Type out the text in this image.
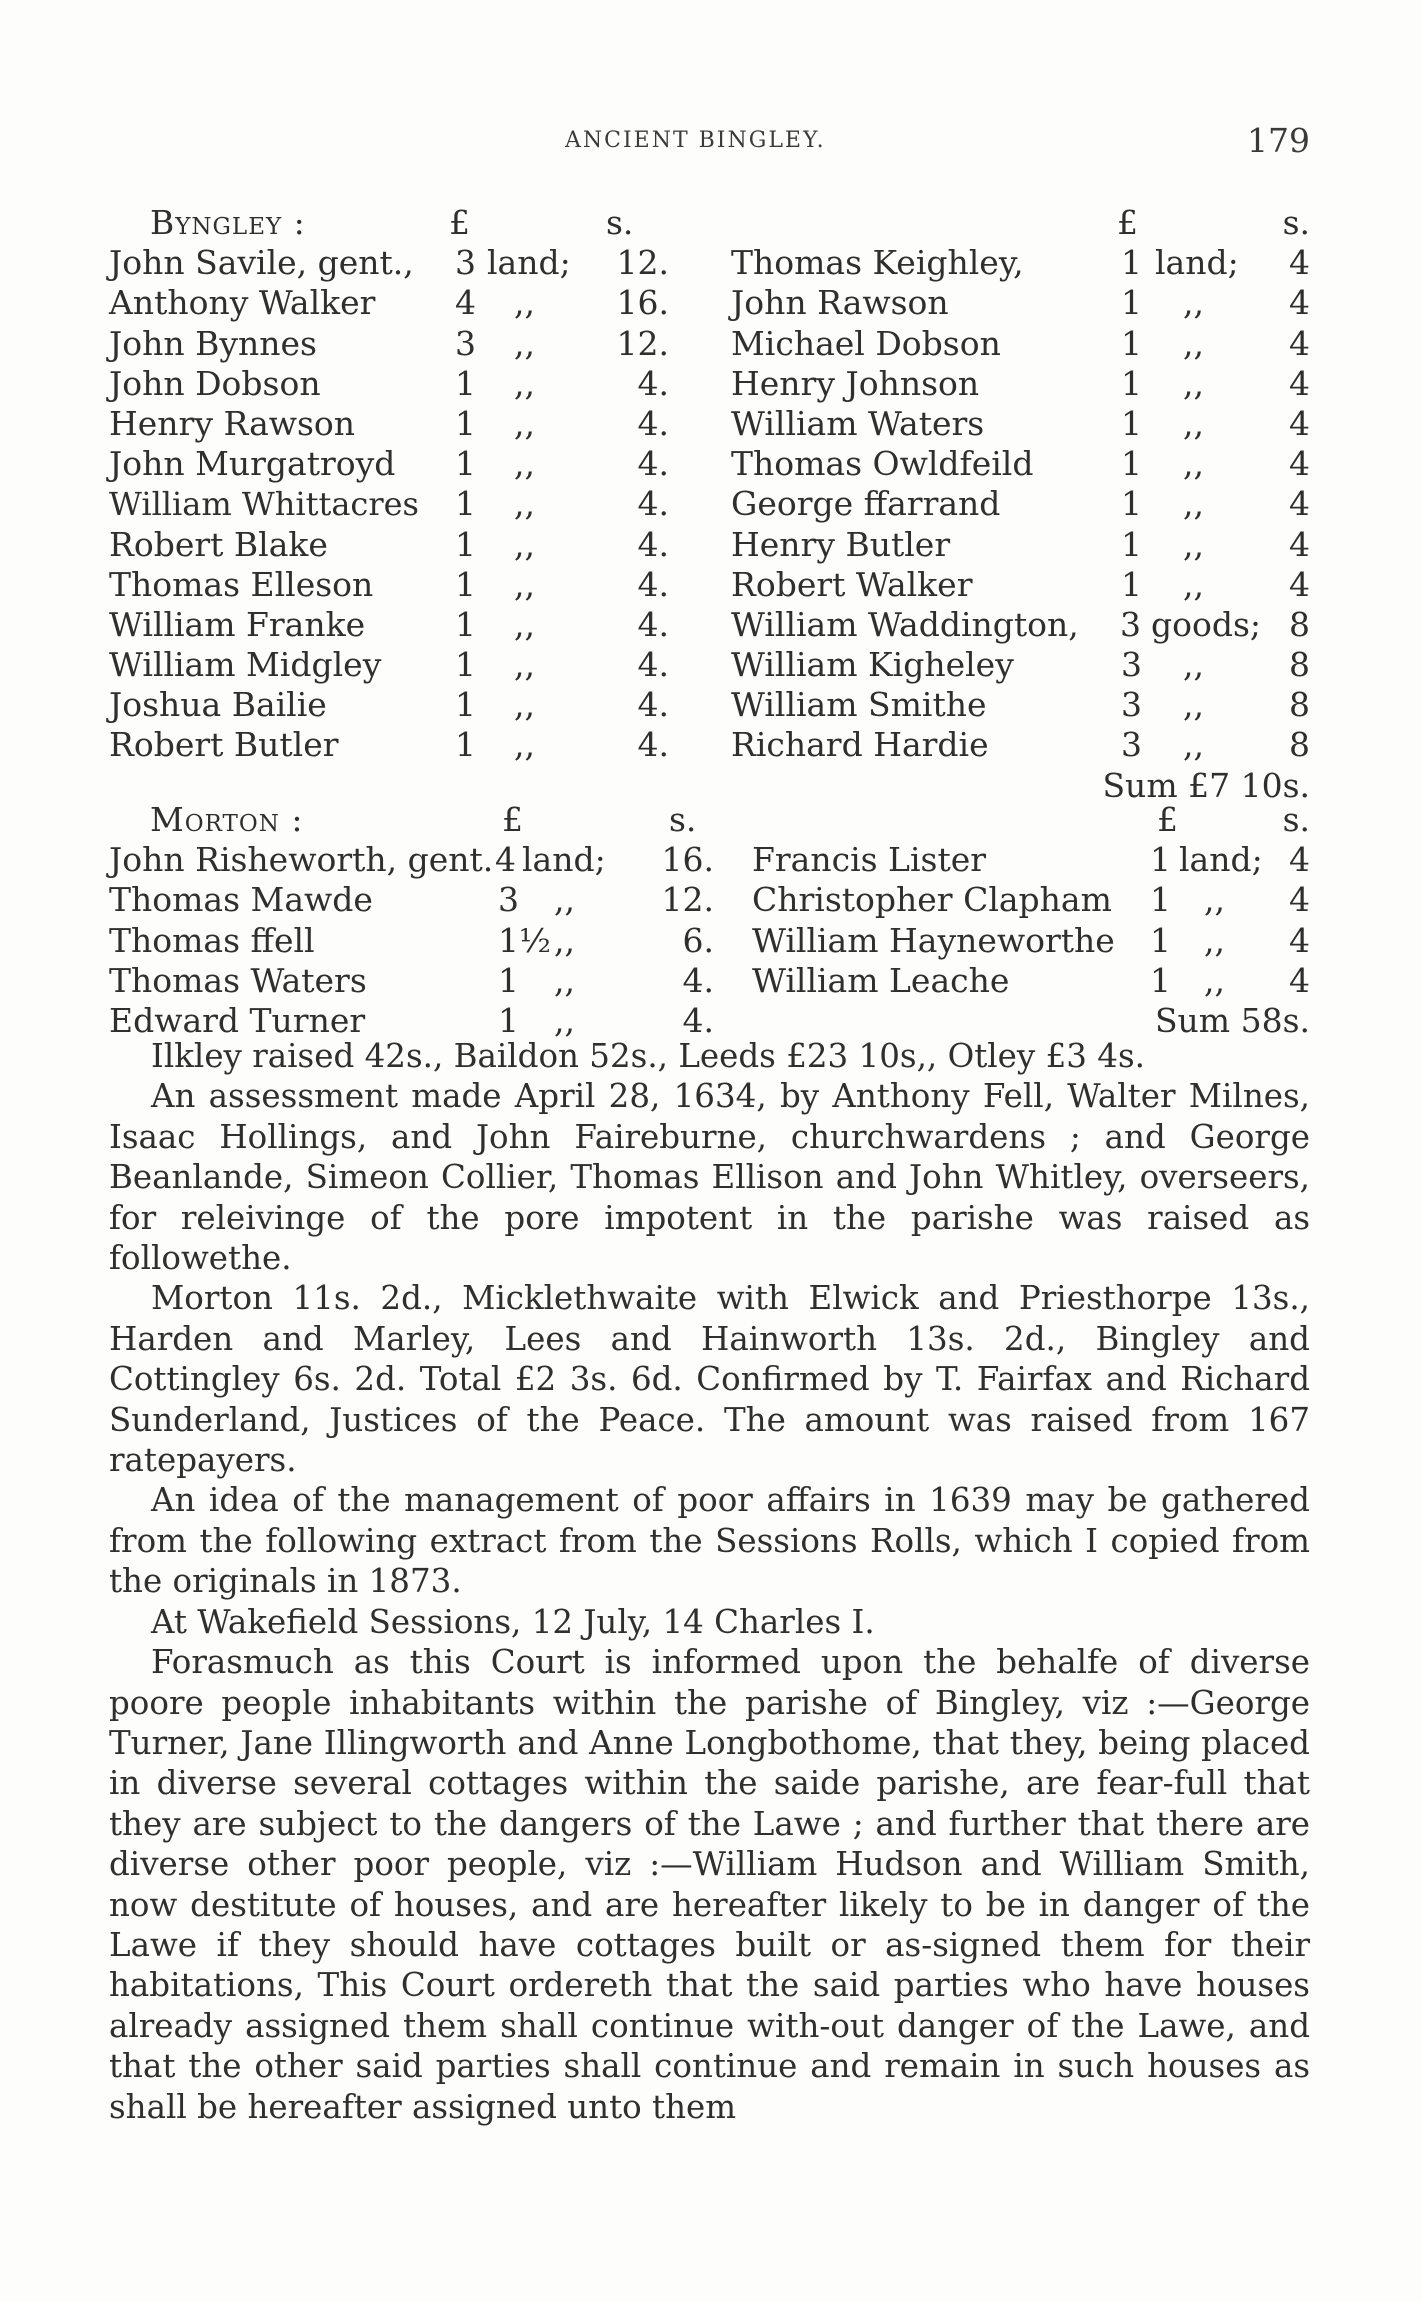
ANCIENT BINGLEY.	179
Byngley :	£	s.
John Savile, gent., 3 land; 12.
Anthony Walker 4 ,, 16.
John Bynnes	3 ,, 12.
John Dobson	1 ,,	4.
Henry Rawson	1 ,,	4.
John Murgatroyd 1 ,,	4.
William Whittacres 1 ,,	4.
Robert Blake	1 ,,	4.
Thomas Elleson 1 ,,	4.
William Franke	1 ,,	4.
William Midgley 1 ,,	4.
Joshua Bailie	1 ,,	4.
Robert Butler	1 ,,	4.
£	s.
Thomas Keighley,	1 land; 4
John Rawson	1 ,,	4
Michael Dobson	1 ,,	4
Henry Johnson	1 ,,	4
William Waters	1 ,,	4
Thomas Owldfeild	1 ,,	4
George ffarrand	1 ,,	4
Henry Butler	1 ,,	4
Robert Walker	1 ,,	4
William Waddington, 3 goods; 8
William Kigheley	3 ,,	8
William Smithe	3 ,,	8
Richard Hardie	3 ,,	8
Sum £7 10s.
Morton :	£	s.
John Risheworth, gent. 4 land; 16.
Thomas Mawde	3 ,,	12.
Thomas ffell	1½ ,,	6.
Thomas Waters	1 ,,	4.
Edward Turner	1 ,,	4.
£	s.
Francis Lister	1 land; 4
Christopher Clapham 1 ,, 4
William Hayneworthe 1 ,, 4
William Leache	1 ,, 4
Sum 58s.

Ilkley raised 42s., Baildon 52s., Leeds £23 10s,, Otley £3 4s.

An assessment made April 28, 1634, by Anthony Fell, Walter Milnes, Isaac Hollings, and John Faireburne, churchwardens ; and George Beanlande, Simeon Collier, Thomas Ellison and John Whitley, overseers, for releivinge of the pore impotent in the parishe was raised as followethe.

Morton 11s. 2d., Micklethwaite with Elwick and Priesthorpe 13s., Harden and Marley, Lees and Hainworth 13s. 2d., Bingley and Cottingley 6s. 2d. Total £2 3s. 6d. Confirmed by T. Fairfax and Richard Sunderland, Justices of the Peace. The amount was raised from 167 ratepayers.

An idea of the management of poor affairs in 1639 may be gathered from the following extract from the Sessions Rolls, which I copied from the originals in 1873.

At Wakefield Sessions, 12 July, 14 Charles I.

Forasmuch as this Court is informed upon the behalfe of diverse poore people inhabitants within the parishe of Bingley, viz :—George Turner, Jane Illingworth and Anne Longbothome, that they, being placed in diverse several cottages within the saide parishe, are fear-full that they are subject to the dangers of the Lawe ; and further that there are diverse other poor people, viz :—William Hudson and William Smith, now destitute of houses, and are hereafter likely to be in danger of the Lawe if they should have cottages built or as-signed them for their habitations, This Court ordereth that the said parties who have houses already assigned them shall continue with-out danger of the Lawe, and that the other said parties shall continue and remain in such houses as shall be hereafter assigned unto them
